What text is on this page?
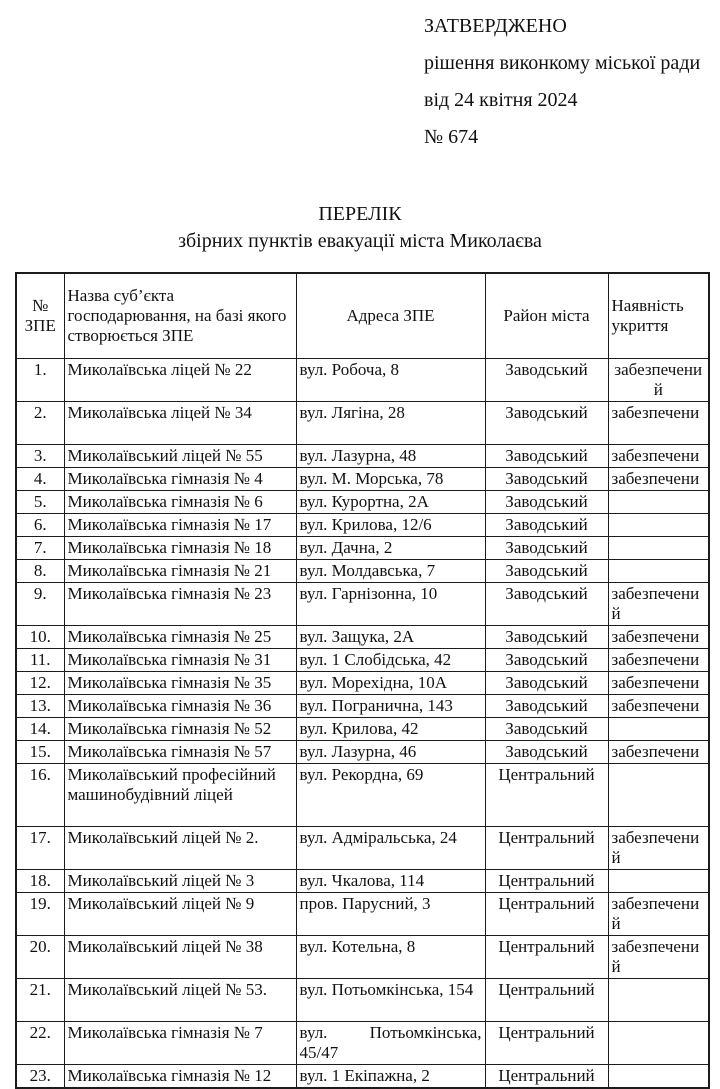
ЗАТВЕРДЖЕНО
рішення виконкому міської ради
від 24 квітня 2024
№ 674
ПЕРЕЛІК
збірних пунктів евакуації міста Миколаєва
№ ЗПЕ	Назва суб’єкта господарювання, на базі якого створюється ЗПЕ	Адреса ЗПЕ	Район міста	Наявність укриття
1.	Миколаївська ліцей № 22	вул. Робоча, 8	Заводський	забезпечений
2.	Миколаївська ліцей № 34	вул. Лягіна, 28	Заводський	забезпечени
3.	Миколаївський ліцей № 55	вул. Лазурна, 48	Заводський	забезпечени
4.	Миколаївська гімназія № 4	вул. М. Морська, 78	Заводський	забезпечени
5.	Миколаївська гімназія № 6	вул. Курортна, 2А	Заводський	
6.	Миколаївська гімназія № 17	вул. Крилова, 12/6	Заводський	
7.	Миколаївська гімназія № 18	вул. Дачна, 2	Заводський	
8.	Миколаївська гімназія № 21	вул. Молдавська, 7	Заводський	
9.	Миколаївська гімназія № 23	вул. Гарнізонна, 10	Заводський	забезпечений
10.	Миколаївська гімназія № 25	вул. Защука, 2А	Заводський	забезпечени
11.	Миколаївська гімназія № 31	вул. 1 Слобідська, 42	Заводський	забезпечени
12.	Миколаївська гімназія № 35	вул. Морехідна, 10А	Заводський	забезпечени
13.	Миколаївська гімназія № 36	вул. Погранична, 143	Заводський	забезпечени
14.	Миколаївська гімназія № 52	вул. Крилова, 42	Заводський	
15.	Миколаївська гімназія № 57	вул. Лазурна, 46	Заводський	забезпечени
16.	Миколаївський професійний машинобудівний ліцей	вул. Рекордна, 69	Центральний	
17.	Миколаївський ліцей № 2.	вул. Адміральська, 24	Центральний	забезпечений
18.	Миколаївський ліцей № 3	вул. Чкалова, 114	Центральний	
19.	Миколаївський ліцей № 9	пров. Парусний, 3	Центральний	забезпечений
20.	Миколаївський ліцей № 38	вул. Котельна, 8	Центральний	забезпечений
21.	Миколаївський ліцей № 53.	вул. Потьомкінська, 154	Центральний	
22.	Миколаївська гімназія № 7	вул. Потьомкінська, 45/47	Центральний	
23.	Миколаївська гімназія № 12	вул. 1 Екіпажна, 2	Центральний	
